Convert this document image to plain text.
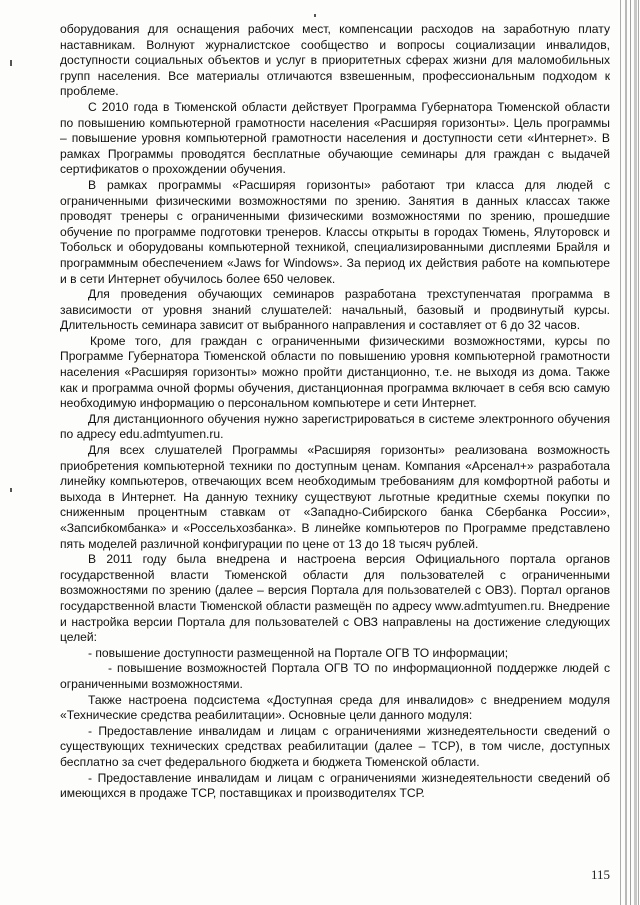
оборудования для оснащения рабочих мест, компенсации расходов на заработную плату наставникам. Волнуют журналистское сообщество и вопросы социализации инвалидов, доступности социальных объектов и услуг в приоритетных сферах жизни для маломобильных групп населения. Все материалы отличаются взвешенным, профессиональным подходом к проблеме.

С 2010 года в Тюменской области действует Программа Губернатора Тюменской области по повышению компьютерной грамотности населения «Расширяя горизонты». Цель программы – повышение уровня компьютерной грамотности населения и доступности сети «Интернет». В рамках Программы проводятся бесплатные обучающие семинары для граждан с выдачей сертификатов о прохождении обучения.

В рамках программы «Расширяя горизонты» работают три класса для людей с ограниченными физическими возможностями по зрению. Занятия в данных классах также проводят тренеры с ограниченными физическими возможностями по зрению, прошедшие обучение по программе подготовки тренеров. Классы открыты в городах Тюмень, Ялуторовск и Тобольск и оборудованы компьютерной техникой, специализированными дисплеями Брайля и программным обеспечением «Jaws for Windows». За период их действия работе на компьютере и в сети Интернет обучилось более 650 человек.

Для проведения обучающих семинаров разработана трехступенчатая программа в зависимости от уровня знаний слушателей: начальный, базовый и продвинутый курсы. Длительность семинара зависит от выбранного направления и составляет от 6 до 32 часов.

Кроме того, для граждан с ограниченными физическими возможностями, курсы по Программе Губернатора Тюменской области по повышению уровня компьютерной грамотности населения «Расширяя горизонты» можно пройти дистанционно, т.е. не выходя из дома. Также как и программа очной формы обучения, дистанционная программа включает в себя всю самую необходимую информацию о персональном компьютере и сети Интернет.

Для дистанционного обучения нужно зарегистрироваться в системе электронного обучения по адресу edu.admtyumen.ru.

Для всех слушателей Программы «Расширяя горизонты» реализована возможность приобретения компьютерной техники по доступным ценам. Компания «Арсенал+» разработала линейку компьютеров, отвечающих всем необходимым требованиям для комфортной работы и выхода в Интернет. На данную технику существуют льготные кредитные схемы покупки по сниженным процентным ставкам от «Западно-Сибирского банка Сбербанка России», «Запсибкомбанка» и «Россельхозбанка». В линейке компьютеров по Программе представлено пять моделей различной конфигурации по цене от 13 до 18 тысяч рублей.

В 2011 году была внедрена и настроена версия Официального портала органов государственной власти Тюменской области для пользователей с ограниченными возможностями по зрению (далее – версия Портала для пользователей с ОВЗ). Портал органов государственной власти Тюменской области размещён по адресу www.admtyumen.ru. Внедрение и настройка версии Портала для пользователей с ОВЗ направлены на достижение следующих целей:

- повышение доступности размещенной на Портале ОГВ ТО информации;

- повышение возможностей Портала ОГВ ТО по информационной поддержке людей с ограниченными возможностями.

Также настроена подсистема «Доступная среда для инвалидов» с внедрением модуля «Технические средства реабилитации». Основные цели данного модуля:

- Предоставление инвалидам и лицам с ограничениями жизнедеятельности сведений о существующих технических средствах реабилитации (далее – ТСР), в том числе, доступных бесплатно за счет федерального бюджета и бюджета Тюменской области.

- Предоставление инвалидам и лицам с ограничениями жизнедеятельности сведений об имеющихся в продаже ТСР, поставщиках и производителях ТСР.

115
